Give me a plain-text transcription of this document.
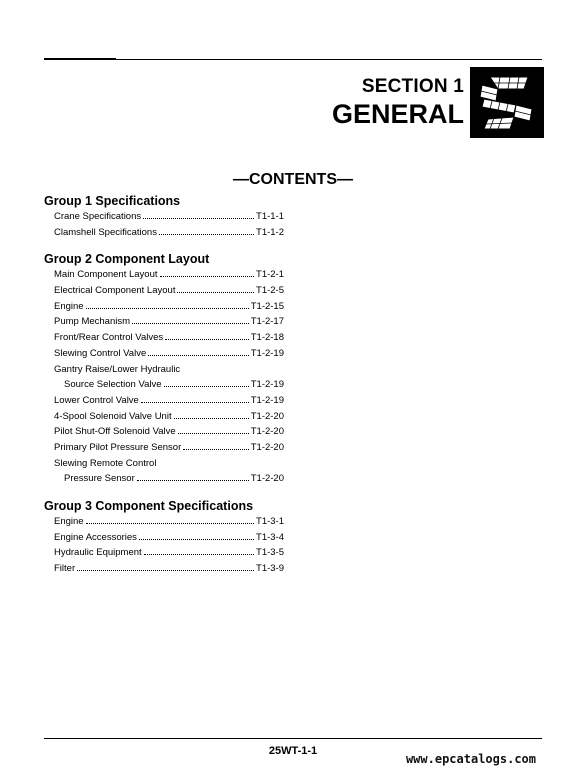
SECTION 1
GENERAL
—CONTENTS—
Group 1 Specifications
Crane Specifications	T1-1-1
Clamshell Specifications	T1-1-2
Group 2 Component Layout
Main Component Layout	T1-2-1
Electrical Component Layout	T1-2-5
Engine	T1-2-15
Pump Mechanism	T1-2-17
Front/Rear Control Valves	T1-2-18
Slewing Control Valve	T1-2-19
Gantry Raise/Lower Hydraulic
Source Selection Valve	T1-2-19
Lower Control Valve	T1-2-19
4-Spool Solenoid Valve Unit	T1-2-20
Pilot Shut-Off Solenoid Valve	T1-2-20
Primary Pilot Pressure Sensor	T1-2-20
Slewing Remote Control
Pressure Sensor	T1-2-20
Group 3 Component Specifications
Engine	T1-3-1
Engine Accessories	T1-3-4
Hydraulic Equipment	T1-3-5
Filter	T1-3-9
25WT-1-1
www.epcatalogs.com
